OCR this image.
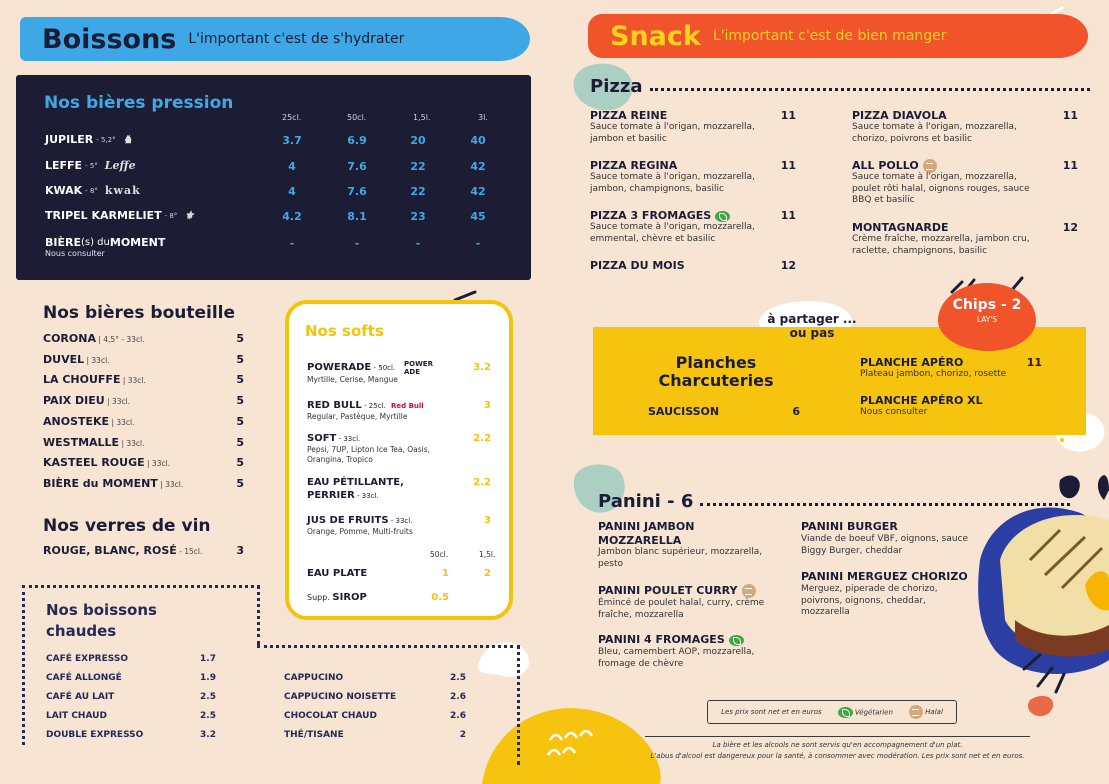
Boissons L'important c'est de s'hydrater	Snack L'important c'est de bien manger
Nos bières pression
25cl.	50cl.	1,5l.	3l.
JUPILER - 5,2° ♞	3.7	6.9	20	40
LEFFE - 5° Leffe	4	7.6	22	42
KWAK - 8° kwak	4	7.6	22	42
TRIPEL KARMELIET - 8° ⚜	4.2	8.1	23	45
BIÈRE (s) du MOMENT
Nous consulter
-	-	-	-
Nos bières bouteille
CORONA | 4,5° - 33cl.	5
DUVEL | 33cl.	5
LA CHOUFFE | 33cl.	5
PAIX DIEU | 33cl.	5
ANOSTEKE | 33cl.	5
WESTMALLE | 33cl.	5
KASTEEL ROUGE | 33cl.	5
BIÈRE du MOMENT | 33cl.	5
Nos verres de vin
ROUGE, BLANC, ROSÉ - 15cl.	3
Nos softs
POWERADE - 50cl. POWER ADE
Myrtille, Cerise, Mangue
3.2
RED BULL - 25cl. Red Bull
Regular, Pastèque, Myrtille
3
SOFT - 33cl.
Pepsi, 7UP, Lipton Ice Tea, Oasis, Orangina, Tropico
2.2
EAU PÉTILLANTE,
PERRIER - 33cl.
2.2
JUS DE FRUITS - 33cl.
Orange, Pomme, Multi-fruits
3
50cl.	1,5l.
EAU PLATE	1	2
Supp. SIROP	0.5
Nos boissons chaudes
CAFÉ EXPRESSO	1.7
CAFÉ ALLONGÉ	1.9
CAFÉ AU LAIT	2.5
LAIT CHAUD	2.5
DOUBLE EXPRESSO	3.2
CAPPUCINO	2.5
CAPPUCINO NOISETTE	2.6
CHOCOLAT CHAUD	2.6
THÉ/TISANE	2
Pizza
PIZZA REINE
Sauce tomate à l'origan, mozzarella, jambon et basilic
11
PIZZA REGINA
Sauce tomate à l'origan, mozzarella, jambon, champignons, basilic
11
PIZZA 3 FROMAGES
Sauce tomate à l'origan, mozzarella, emmental, chèvre et basilic
11
PIZZA DU MOIS	12
PIZZA DIAVOLA
Sauce tomate à l'origan, mozzarella, chorizo, poivrons et basilic
11
ALL POLLO
Sauce tomate à l'origan, mozzarella, poulet rôti halal, oignons rouges, sauce BBQ et basilic
11
MONTAGNARDE
Crème fraîche, mozzarella, jambon cru, raclette, champignons, basilic
12
à partager ... ou pas
Planches Charcuteries
SAUCISSON	6
PLANCHE APÉRO
Plateau jambon, chorizo, rosette
11
PLANCHE APÉRO XL
Nous consulter
Chips - 2
LAY'S
Panini - 6
PANINI JAMBON MOZZARELLA
Jambon blanc supérieur, mozzarella, pesto
PANINI POULET CURRY
Émincé de poulet halal, curry, crème fraîche, mozzarella
PANINI 4 FROMAGES
Bleu, camembert AOP, mozzarella, fromage de chèvre
PANINI BURGER
Viande de boeuf VBF, oignons, sauce Biggy Burger, cheddar
PANINI MERGUEZ CHORIZO
Merguez, piperade de chorizo, poivrons, oignons, cheddar, mozzarella
Les prix sont net et en euros	Végétarien	Halal
La bière et les alcools ne sont servis qu'en accompagnement d'un plat.
L'abus d'alcool est dangereux pour la santé, à consommer avec modération. Les prix sont net et en euros.
